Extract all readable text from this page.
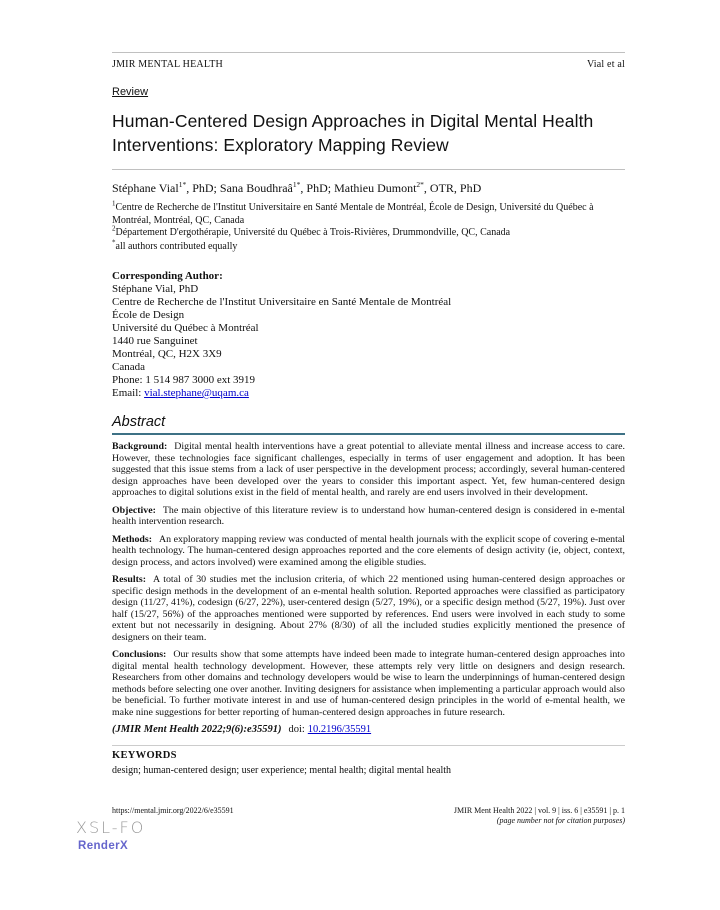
JMIR MENTAL HEALTH	Vial et al
Review
Human-Centered Design Approaches in Digital Mental Health Interventions: Exploratory Mapping Review
Stéphane Vial$^{1*}$, PhD; Sana Boudhraâ$^{1*}$, PhD; Mathieu Dumont$^{2*}$, OTR, PhD
$^1$Centre de Recherche de l'Institut Universitaire en Santé Mentale de Montréal, École de Design, Université du Québec à Montréal, Montréal, QC, Canada
$^2$Département D'ergothérapie, Université du Québec à Trois-Rivières, Drummondville, QC, Canada
*all authors contributed equally
Corresponding Author:
Stéphane Vial, PhD
Centre de Recherche de l'Institut Universitaire en Santé Mentale de Montréal
École de Design
Université du Québec à Montréal
1440 rue Sanguinet
Montréal, QC, H2X 3X9
Canada
Phone: 1 514 987 3000 ext 3919
Email: vial.stephane@uqam.ca
Abstract

Background: Digital mental health interventions have a great potential to alleviate mental illness and increase access to care. However, these technologies face significant challenges, especially in terms of user engagement and adoption. It has been suggested that this issue stems from a lack of user perspective in the development process; accordingly, several human-centered design approaches have been developed over the years to consider this important aspect. Yet, few human-centered design approaches to digital solutions exist in the field of mental health, and rarely are end users involved in their development.

Objective: The main objective of this literature review is to understand how human-centered design is considered in e-mental health intervention research.

Methods: An exploratory mapping review was conducted of mental health journals with the explicit scope of covering e-mental health technology. The human-centered design approaches reported and the core elements of design activity (ie, object, context, design process, and actors involved) were examined among the eligible studies.

Results: A total of 30 studies met the inclusion criteria, of which 22 mentioned using human-centered design approaches or specific design methods in the development of an e-mental health solution. Reported approaches were classified as participatory design (11/27, 41%), codesign (6/27, 22%), user-centered design (5/27, 19%), or a specific design method (5/27, 19%). Just over half (15/27, 56%) of the approaches mentioned were supported by references. End users were involved in each study to some extent but not necessarily in designing. About 27% (8/30) of all the included studies explicitly mentioned the presence of designers on their team.

Conclusions: Our results show that some attempts have indeed been made to integrate human-centered design approaches into digital mental health technology development. However, these attempts rely very little on designers and design research. Researchers from other domains and technology developers would be wise to learn the underpinnings of human-centered design methods before selecting one over another. Inviting designers for assistance when implementing a particular approach would also be beneficial. To further motivate interest in and use of human-centered design principles in the world of e-mental health, we make nine suggestions for better reporting of human-centered design approaches in future research.

(JMIR Ment Health 2022;9(6):e35591) doi: 10.2196/35591
KEYWORDS
design; human-centered design; user experience; mental health; digital mental health
https://mental.jmir.org/2022/6/e35591	JMIR Ment Health 2022 | vol. 9 | iss. 6 | e35591 | p. 1
(page number not for citation purposes)
XSL-FO
RenderX
